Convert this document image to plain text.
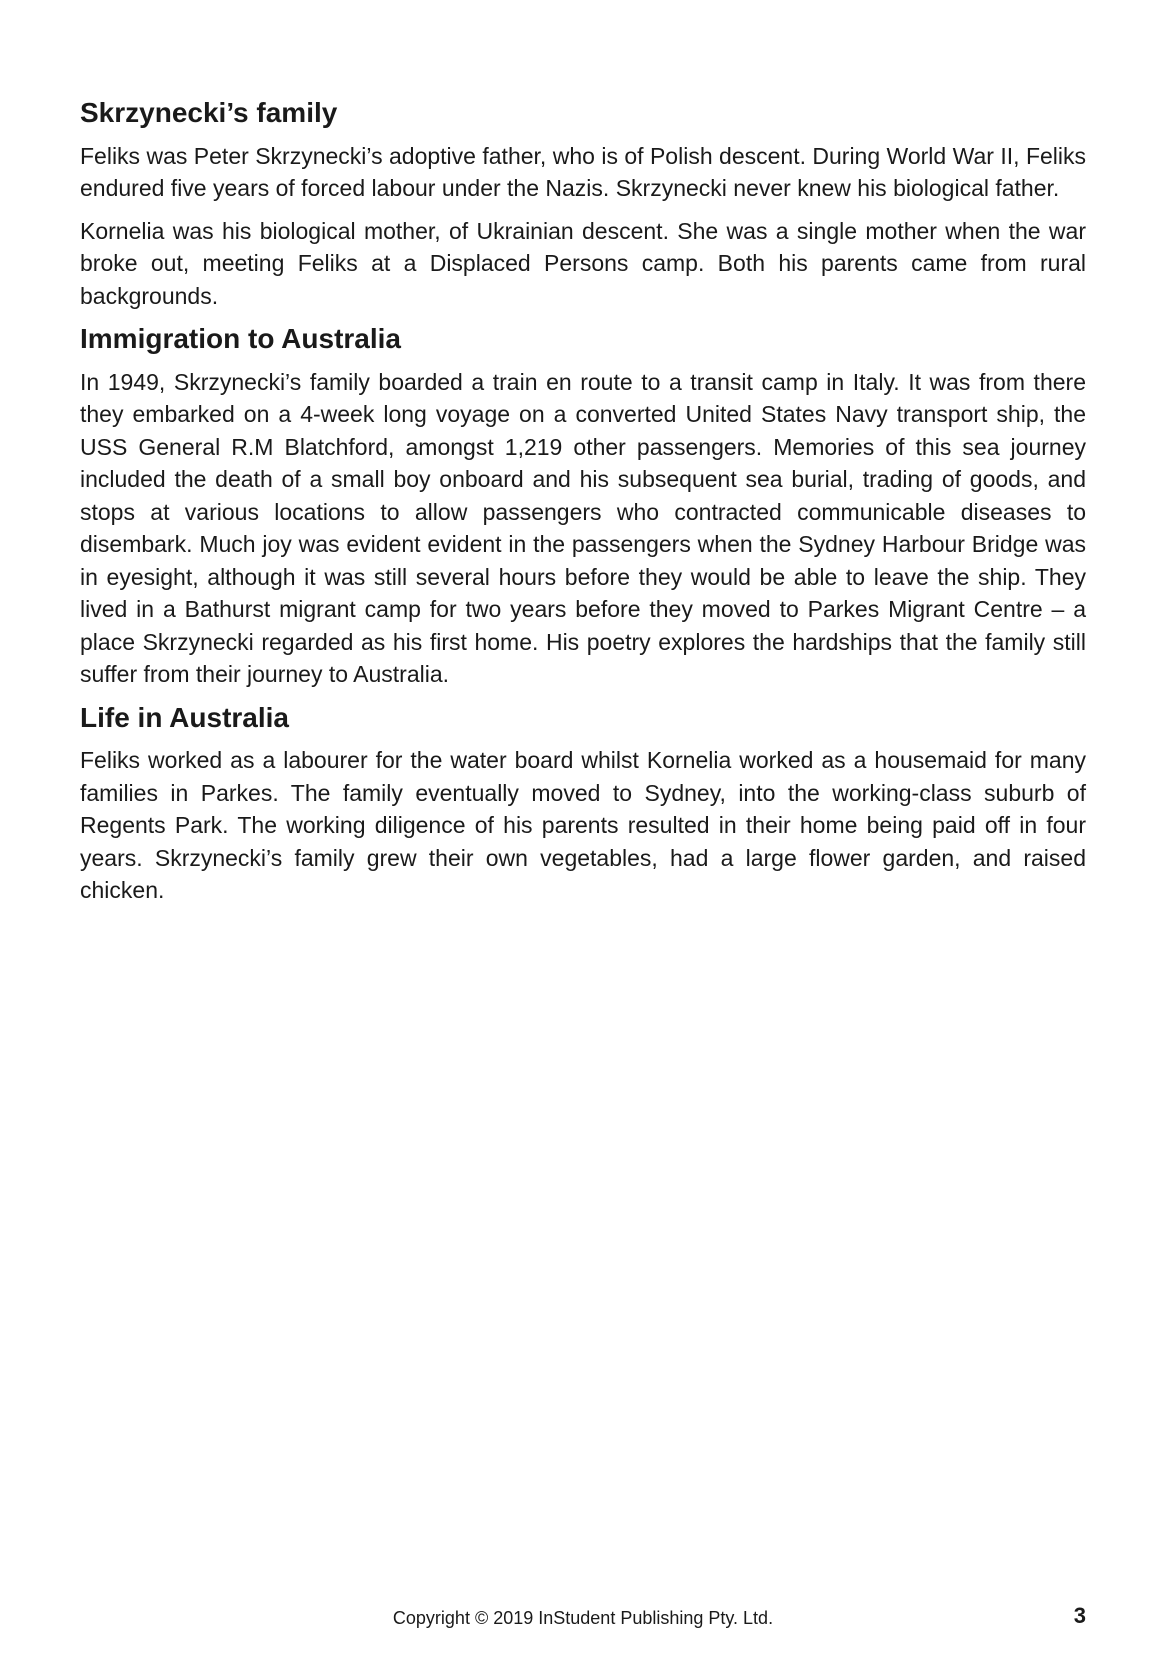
Skrzynecki’s family

Feliks was Peter Skrzynecki’s adoptive father, who is of Polish descent. During World War II, Feliks endured five years of forced labour under the Nazis. Skrzynecki never knew his biological father.

Kornelia was his biological mother, of Ukrainian descent. She was a single mother when the war broke out, meeting Feliks at a Displaced Persons camp. Both his parents came from rural backgrounds.

Immigration to Australia

In 1949, Skrzynecki’s family boarded a train en route to a transit camp in Italy. It was from there they embarked on a 4-week long voyage on a converted United States Navy transport ship, the USS General R.M Blatchford, amongst 1,219 other passengers. Memories of this sea journey included the death of a small boy onboard and his subsequent sea burial, trading of goods, and stops at various locations to allow passengers who contracted communicable diseases to disembark. Much joy was evident evident in the passengers when the Sydney Harbour Bridge was in eyesight, although it was still several hours before they would be able to leave the ship. They lived in a Bathurst migrant camp for two years before they moved to Parkes Migrant Centre – a place Skrzynecki regarded as his first home. His poetry explores the hardships that the family still suffer from their journey to Australia.

Life in Australia

Feliks worked as a labourer for the water board whilst Kornelia worked as a housemaid for many families in Parkes. The family eventually moved to Sydney, into the working-class suburb of Regents Park. The working diligence of his parents resulted in their home being paid off in four years. Skrzynecki’s family grew their own vegetables, had a large flower garden, and raised chicken.

Copyright © 2019 InStudent Publishing Pty. Ltd.	3
